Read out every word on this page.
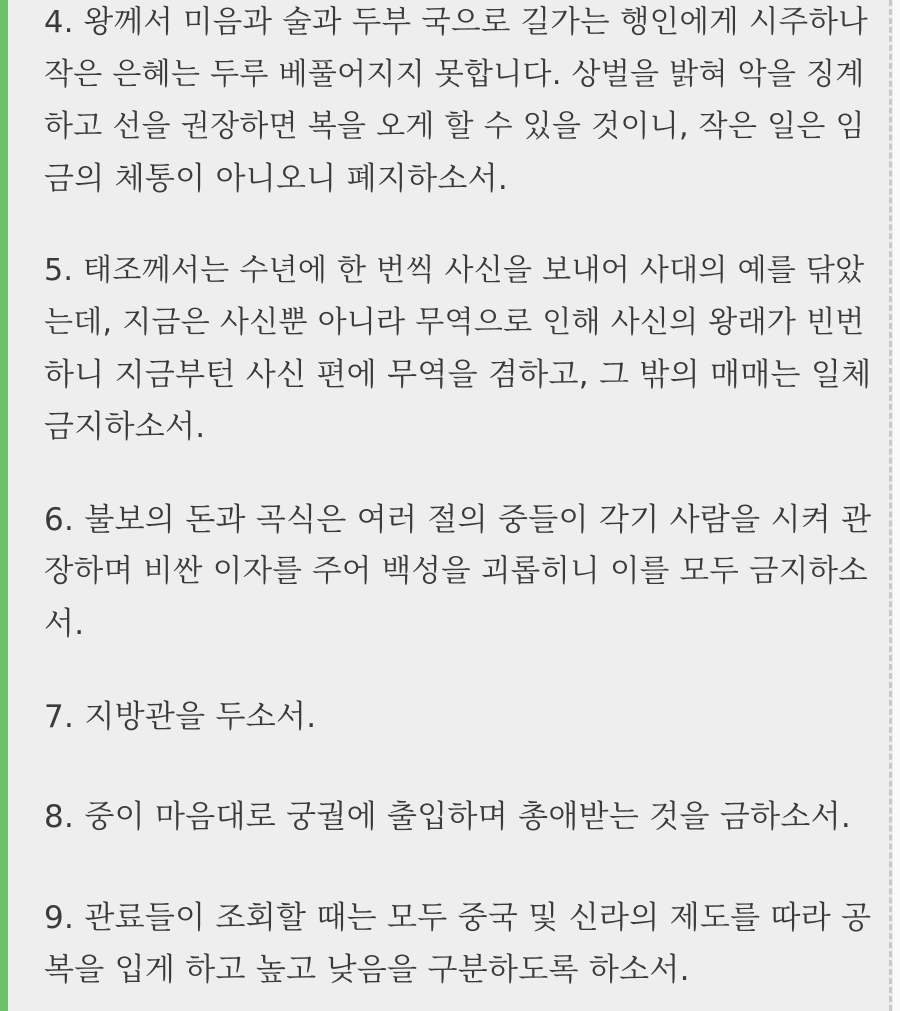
4. 왕께서 미음과 술과 두부 국으로 길가는 행인에게 시주하나
작은 은혜는 두루 베풀어지지 못합니다. 상벌을 밝혀 악을 징계
하고 선을 권장하면 복을 오게 할 수 있을 것이니, 작은 일은 임
금의 체통이 아니오니 폐지하소서.
5. 태조께서는 수년에 한 번씩 사신을 보내어 사대의 예를 닦았
는데, 지금은 사신뿐 아니라 무역으로 인해 사신의 왕래가 빈번
하니 지금부턴 사신 편에 무역을 겸하고, 그 밖의 매매는 일체
금지하소서.
6. 불보의 돈과 곡식은 여러 절의 중들이 각기 사람을 시켜 관
장하며 비싼 이자를 주어 백성을 괴롭히니 이를 모두 금지하소
서.
7. 지방관을 두소서.
8. 중이 마음대로 궁궐에 출입하며 총애받는 것을 금하소서.
9. 관료들이 조회할 때는 모두 중국 및 신라의 제도를 따라 공
복을 입게 하고 높고 낮음을 구분하도록 하소서.
